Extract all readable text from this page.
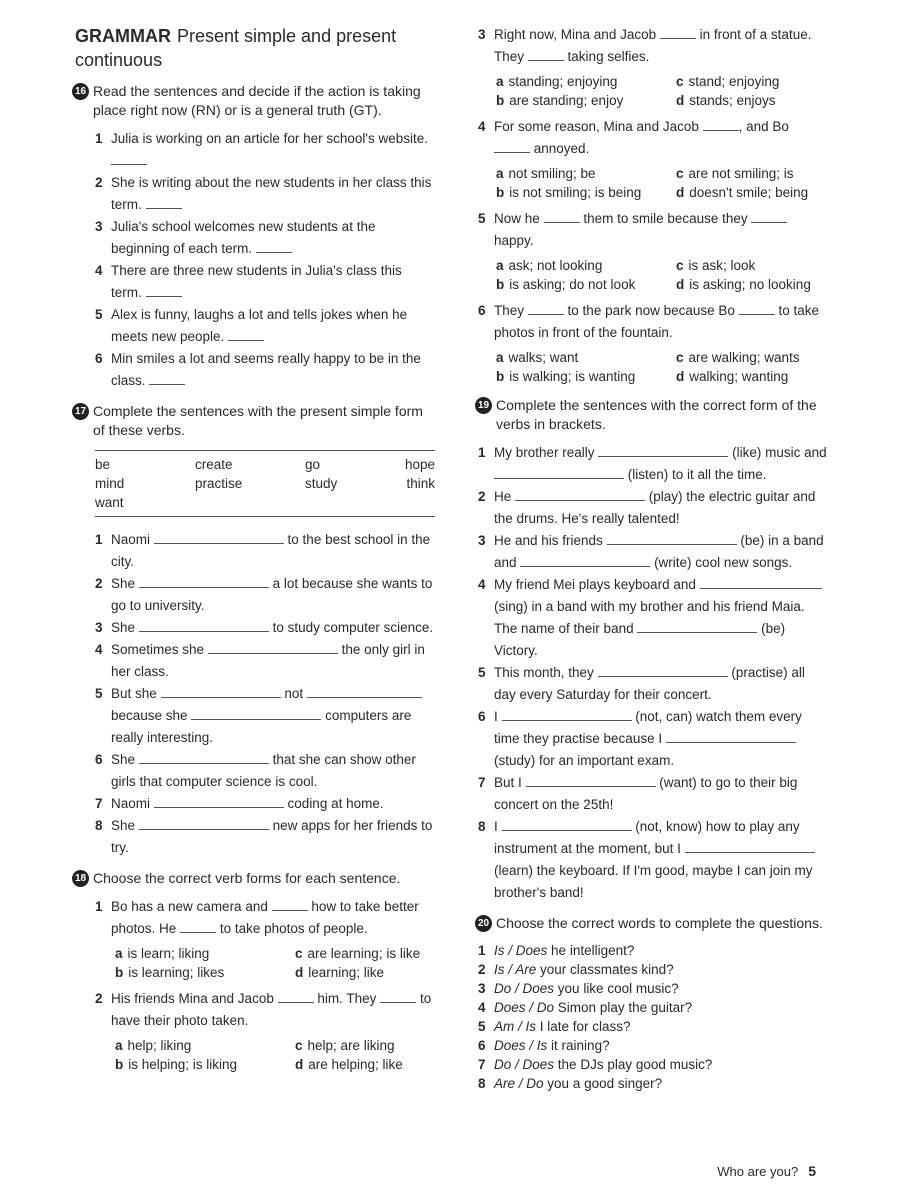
GRAMMAR Present simple and present continuous
16 Read the sentences and decide if the action is taking place right now (RN) or is a general truth (GT).
1 Julia is working on an article for her school's website.
2 She is writing about the new students in her class this term.
3 Julia's school welcomes new students at the beginning of each term.
4 There are three new students in Julia's class this term.
5 Alex is funny, laughs a lot and tells jokes when he meets new people.
6 Min smiles a lot and seems really happy to be in the class.
17 Complete the sentences with the present simple form of these verbs.
be	create	go	hope
mind	practise	study	think
want
1 Naomi	to the best school in the city.
2 She	a lot because she wants to go to university.
3 She	to study computer science.
4 Sometimes she	the only girl in her class.
5 But she	not  because she	computers are really interesting.
6 She	that she can show other girls that computer science is cool.
7 Naomi	coding at home.
8 She	new apps for her friends to try.
18 Choose the correct verb forms for each sentence.
1 Bo has a new camera and	how to take better photos. He	to take photos of people.
a is learn; liking	c are learning; is like
b is learning; likes	d learning; like
2 His friends Mina and Jacob	him. They	to have their photo taken.
a help; liking	c help; are liking
b is helping; is liking	d are helping; like
3 Right now, Mina and Jacob	in front of a statue. They	taking selfies.
a standing; enjoying	c stand; enjoying
b are standing; enjoy	d stands; enjoys
4 For some reason, Mina and Jacob	, and Bo  annoyed.
a not smiling; be	c are not smiling; is
b is not smiling; is being	d doesn't smile; being
5 Now he	them to smile because they  happy.
a ask; not looking	c is ask; look
b is asking; do not look	d is asking; no looking
6 They	to the park now because Bo	to take photos in front of the fountain.
a walks; want	c are walking; wants
b is walking; is wanting	d walking; wanting
19 Complete the sentences with the correct form of the verbs in brackets.
1 My brother really	(like) music and  (listen) to it all the time.
2 He	(play) the electric guitar and the drums. He's really talented!
3 He and his friends	(be) in a band and	(write) cool new songs.
4 My friend Mei plays keyboard and  (sing) in a band with my brother and his friend Maia. The name of their band	(be) Victory.
5 This month, they	(practise) all day every Saturday for their concert.
6 I	(not, can) watch them every time they practise because I  (study) for an important exam.
7 But I	(want) to go to their big concert on the 25th!
8 I	(not, know) how to play any instrument at the moment, but I  (learn) the keyboard. If I'm good, maybe I can join my brother's band!
20 Choose the correct words to complete the questions.
1 Is / Does he intelligent?
2 Is / Are your classmates kind?
3 Do / Does you like cool music?
4 Does / Do Simon play the guitar?
5 Am / Is I late for class?
6 Does / Is it raining?
7 Do / Does the DJs play good music?
8 Are / Do you a good singer?
Who are you? 5
